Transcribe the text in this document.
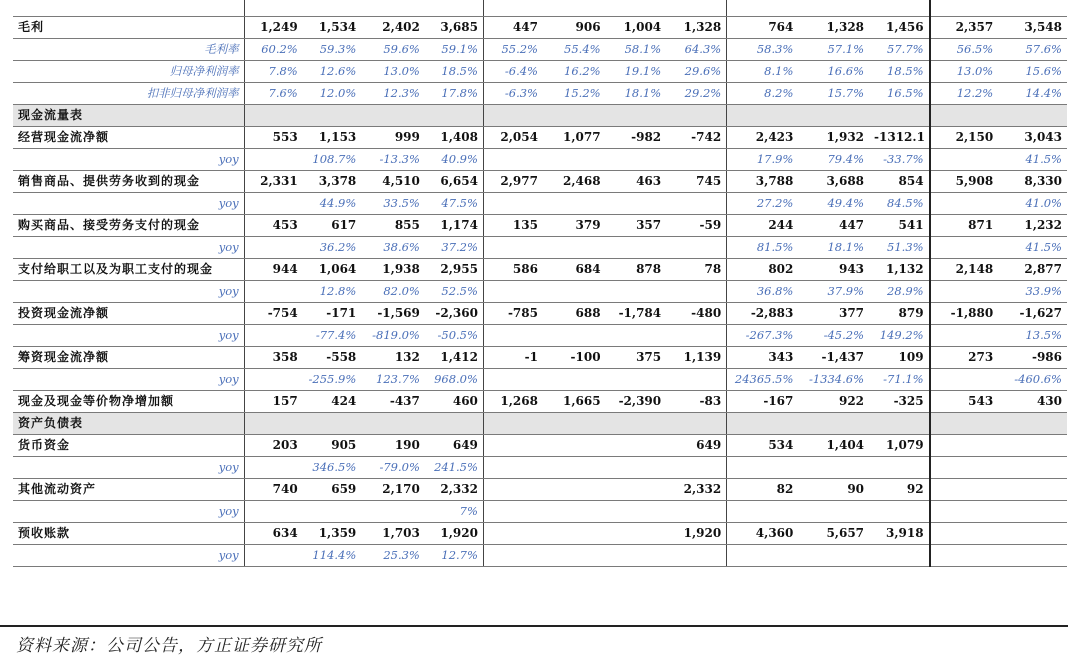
毛利	1,249	1,534	2,402	3,685	447	906	1,004	1,328	764	1,328	1,456	2,357	3,548
毛利率	60.2%	59.3%	59.6%	59.1%	55.2%	55.4%	58.1%	64.3%	58.3%	57.1%	57.7%	56.5%	57.6%
归母净利润率	7.8%	12.6%	13.0%	18.5%	-6.4%	16.2%	19.1%	29.6%	8.1%	16.6%	18.5%	13.0%	15.6%
扣非归母净利润率	7.6%	12.0%	12.3%	17.8%	-6.3%	15.2%	18.1%	29.2%	8.2%	15.7%	16.5%	12.2%	14.4%
现金流量表													
经营现金流净额	553	1,153	999	1,408	2,054	1,077	-982	-742	2,423	1,932	-1312.1	2,150	3,043
yoy		108.7%	-13.3%	40.9%					17.9%	79.4%	-33.7%		41.5%
销售商品、提供劳务收到的现金	2,331	3,378	4,510	6,654	2,977	2,468	463	745	3,788	3,688	854	5,908	8,330
yoy		44.9%	33.5%	47.5%					27.2%	49.4%	84.5%		41.0%
购买商品、接受劳务支付的现金	453	617	855	1,174	135	379	357	-59	244	447	541	871	1,232
yoy		36.2%	38.6%	37.2%					81.5%	18.1%	51.3%		41.5%
支付给职工以及为职工支付的现金	944	1,064	1,938	2,955	586	684	878	78	802	943	1,132	2,148	2,877
yoy		12.8%	82.0%	52.5%					36.8%	37.9%	28.9%		33.9%
投资现金流净额	-754	-171	-1,569	-2,360	-785	688	-1,784	-480	-2,883	377	879	-1,880	-1,627
yoy		-77.4%	-819.0%	-50.5%					-267.3%	-45.2%	149.2%		13.5%
筹资现金流净额	358	-558	132	1,412	-1	-100	375	1,139	343	-1,437	109	273	-986
yoy		-255.9%	123.7%	968.0%					24365.5%	-1334.6%	-71.1%		-460.6%
现金及现金等价物净增加额	157	424	-437	460	1,268	1,665	-2,390	-83	-167	922	-325	543	430
资产负债表													
货币资金	203	905	190	649				649	534	1,404	1,079		
yoy		346.5%	-79.0%	241.5%									
其他流动资产	740	659	2,170	2,332				2,332	82	90	92		
yoy				7%									
预收账款	634	1,359	1,703	1,920				1,920	4,360	5,657	3,918		
yoy		114.4%	25.3%	12.7%									
资料来源：公司公告，方正证券研究所
